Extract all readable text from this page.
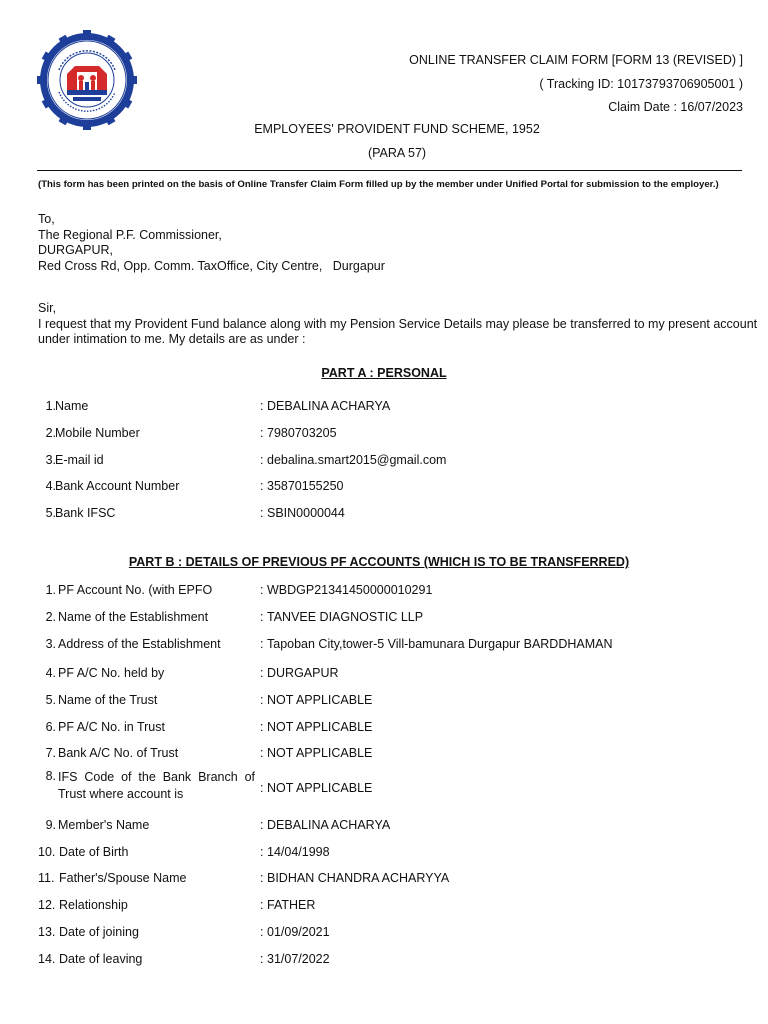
ONLINE TRANSFER CLAIM FORM [FORM 13 (REVISED) ]
( Tracking ID: 10173793706905001 )
Claim Date : 16/07/2023
EMPLOYEES' PROVIDENT FUND SCHEME, 1952
(PARA 57)
(This form has been printed on the basis of Online Transfer Claim Form filled up by the member under Unified Portal for submission to the employer.)
To,
The Regional P.F. Commissioner,
DURGAPUR,
Red Cross Rd, Opp. Comm. TaxOffice, City Centre,   Durgapur
Sir,
I request that my Provident Fund balance along with my Pension Service Details may please be transferred to my present account under intimation to me. My details are as under :
PART A : PERSONAL
1. Name	: DEBALINA ACHARYA
2. Mobile Number	: 7980703205
3. E-mail id	: debalina.smart2015@gmail.com
4. Bank Account Number	: 35870155250
5. Bank IFSC	: SBIN0000044
PART B : DETAILS OF PREVIOUS PF ACCOUNTS (WHICH IS TO BE TRANSFERRED)
1. PF Account No. (with EPFO	: WBDGP21341450000010291
2. Name of the Establishment	: TANVEE DIAGNOSTIC LLP
3. Address of the Establishment	: Tapoban City,tower-5 Vill-bamunara Durgapur BARDDHAMAN
4. PF A/C No. held by	: DURGAPUR
5. Name of the Trust	: NOT APPLICABLE
6. PF A/C No. in Trust	: NOT APPLICABLE
7. Bank A/C No. of Trust	: NOT APPLICABLE
8. IFS Code of the Bank Branch of Trust where account is	: NOT APPLICABLE
9. Member's Name	: DEBALINA ACHARYA
10. Date of Birth	: 14/04/1998
11. Father's/Spouse Name	: BIDHAN CHANDRA ACHARYYA
12. Relationship	: FATHER
13. Date of joining	: 01/09/2021
14. Date of leaving	: 31/07/2022
